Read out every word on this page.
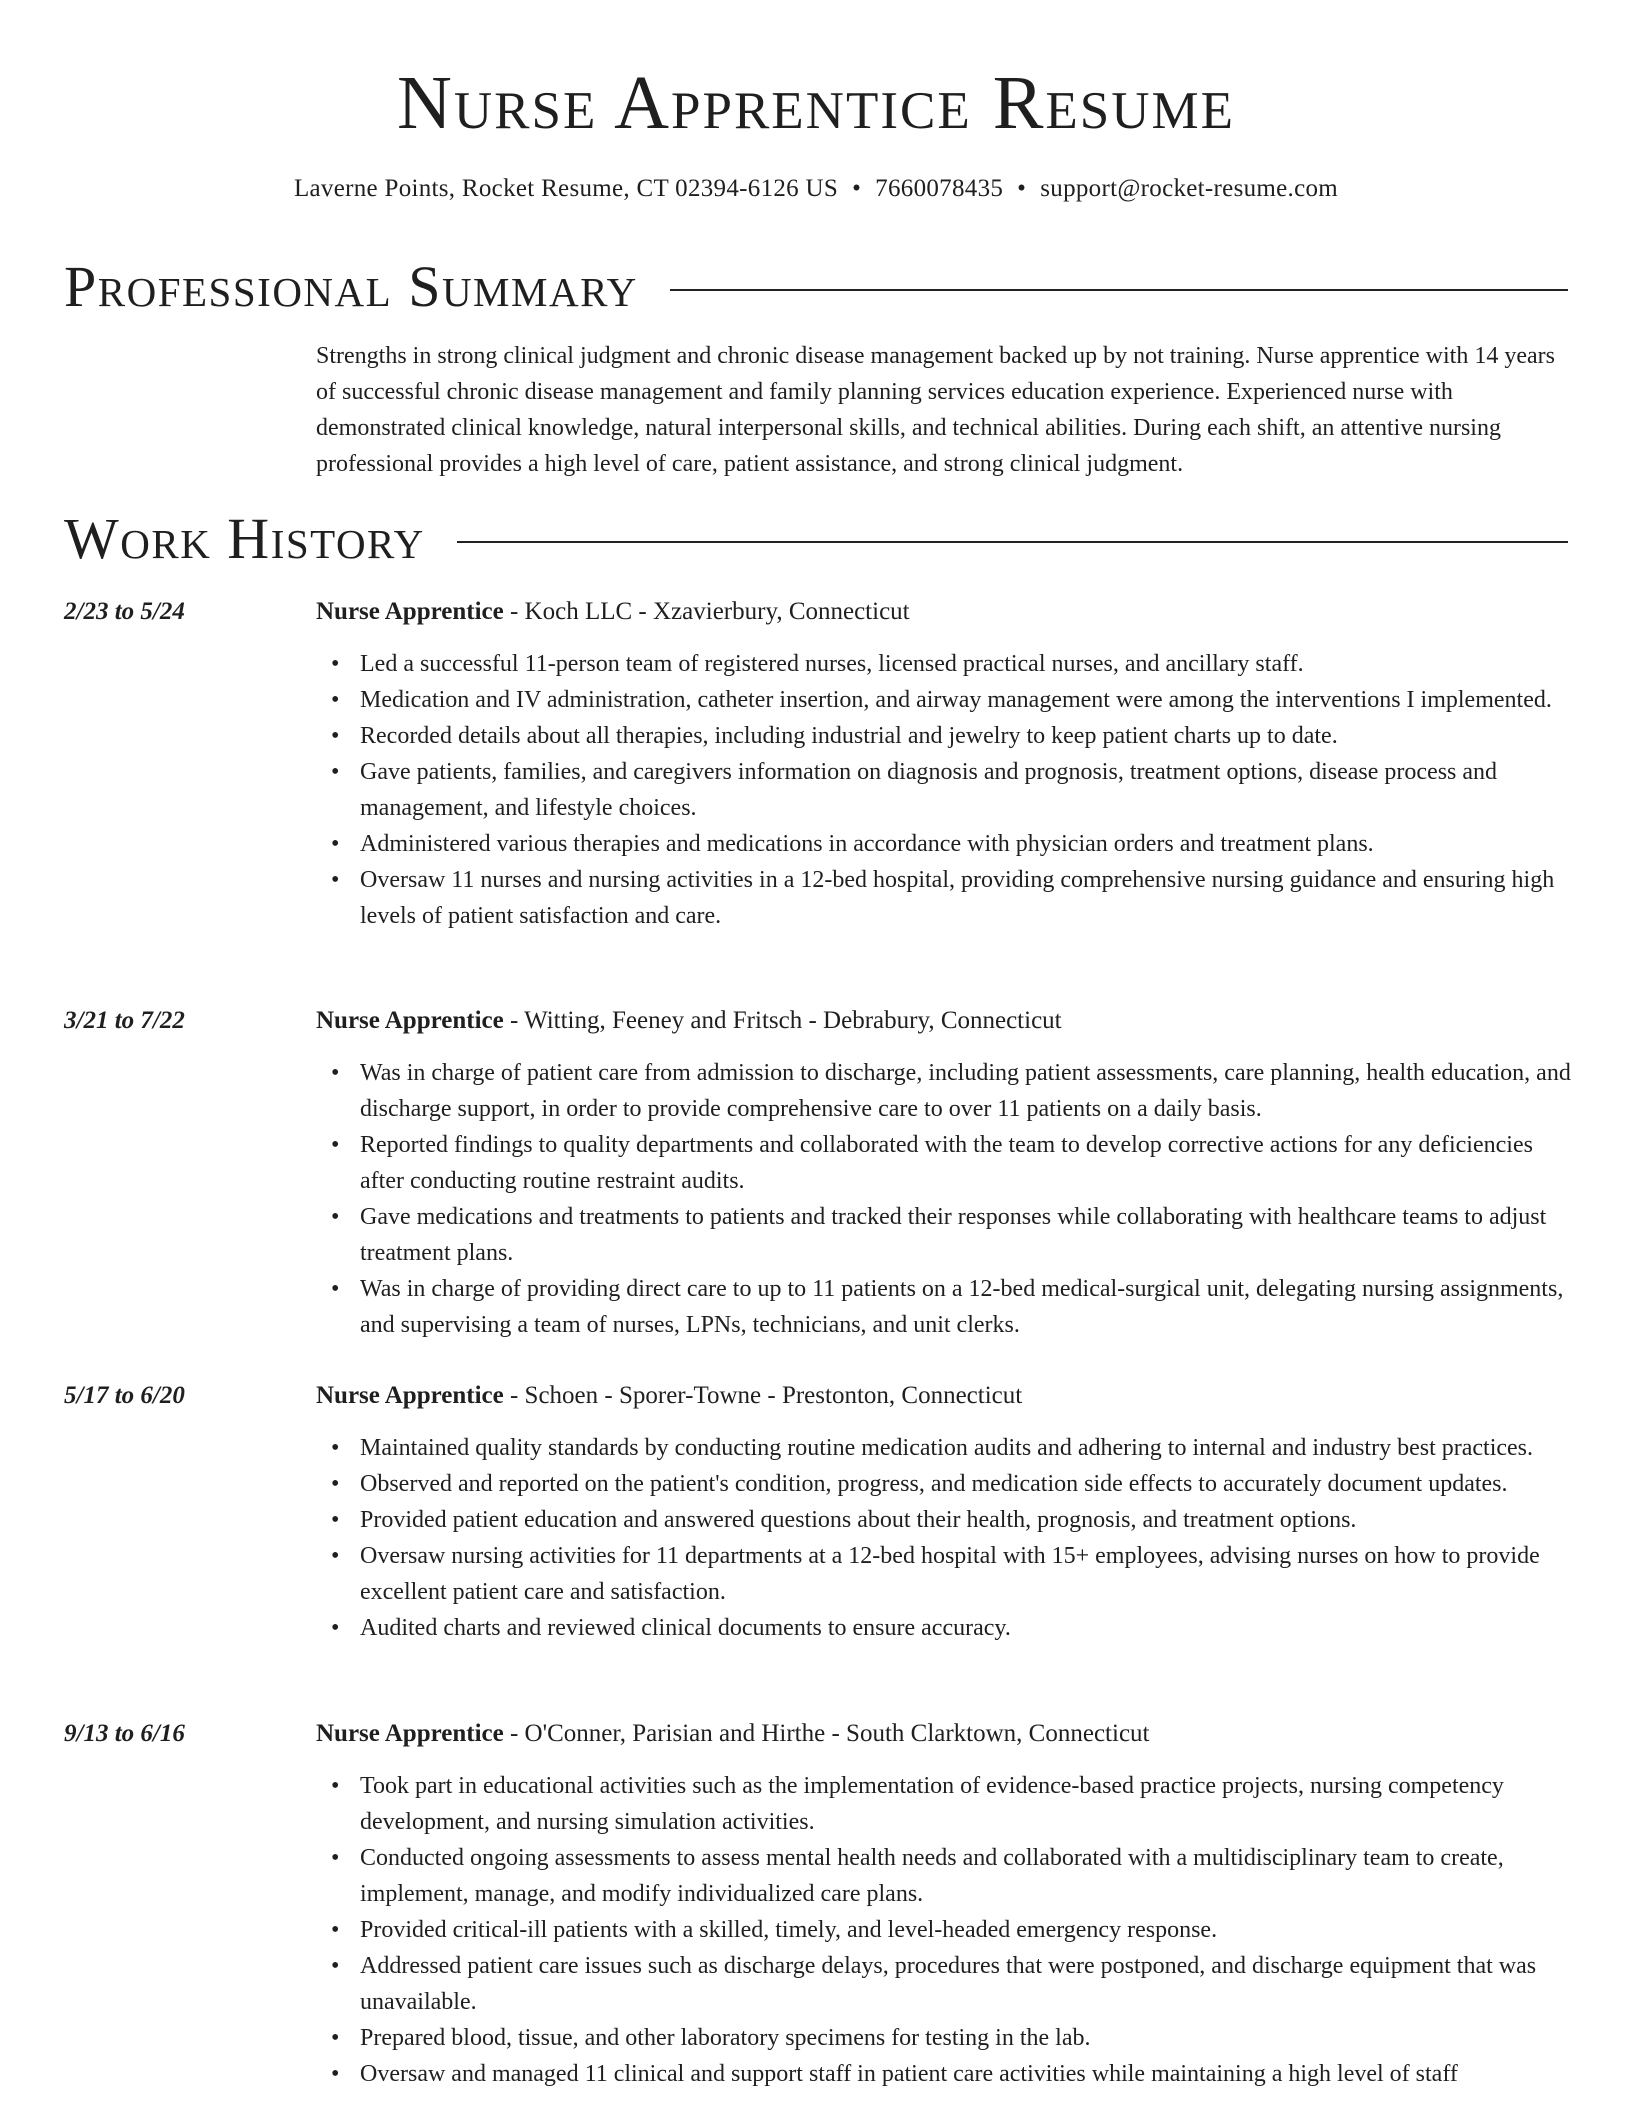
Nurse Apprentice Resume
Laverne Points, Rocket Resume, CT 02394-6126 US • 7660078435 • support@rocket-resume.com
Professional Summary

Strengths in strong clinical judgment and chronic disease management backed up by not training. Nurse apprentice with 14 years of successful chronic disease management and family planning services education experience. Experienced nurse with demonstrated clinical knowledge, natural interpersonal skills, and technical abilities. During each shift, an attentive nursing professional provides a high level of care, patient assistance, and strong clinical judgment.

Work History
2/23 to 5/24	Nurse Apprentice - Koch LLC - Xzavierbury, Connecticut
• Led a successful 11-person team of registered nurses, licensed practical nurses, and ancillary staff.
• Medication and IV administration, catheter insertion, and airway management were among the interventions I implemented.
• Recorded details about all therapies, including industrial and jewelry to keep patient charts up to date.
• Gave patients, families, and caregivers information on diagnosis and prognosis, treatment options, disease process and management, and lifestyle choices.
• Administered various therapies and medications in accordance with physician orders and treatment plans.
• Oversaw 11 nurses and nursing activities in a 12-bed hospital, providing comprehensive nursing guidance and ensuring high levels of patient satisfaction and care.
3/21 to 7/22	Nurse Apprentice - Witting, Feeney and Fritsch - Debrabury, Connecticut
• Was in charge of patient care from admission to discharge, including patient assessments, care planning, health education, and discharge support, in order to provide comprehensive care to over 11 patients on a daily basis.
• Reported findings to quality departments and collaborated with the team to develop corrective actions for any deficiencies after conducting routine restraint audits.
• Gave medications and treatments to patients and tracked their responses while collaborating with healthcare teams to adjust treatment plans.
• Was in charge of providing direct care to up to 11 patients on a 12-bed medical-surgical unit, delegating nursing assignments, and supervising a team of nurses, LPNs, technicians, and unit clerks.
5/17 to 6/20	Nurse Apprentice - Schoen - Sporer-Towne - Prestonton, Connecticut
• Maintained quality standards by conducting routine medication audits and adhering to internal and industry best practices.
• Observed and reported on the patient's condition, progress, and medication side effects to accurately document updates.
• Provided patient education and answered questions about their health, prognosis, and treatment options.
• Oversaw nursing activities for 11 departments at a 12-bed hospital with 15+ employees, advising nurses on how to provide excellent patient care and satisfaction.
• Audited charts and reviewed clinical documents to ensure accuracy.
9/13 to 6/16	Nurse Apprentice - O'Conner, Parisian and Hirthe - South Clarktown, Connecticut
• Took part in educational activities such as the implementation of evidence-based practice projects, nursing competency development, and nursing simulation activities.
• Conducted ongoing assessments to assess mental health needs and collaborated with a multidisciplinary team to create, implement, manage, and modify individualized care plans.
• Provided critical-ill patients with a skilled, timely, and level-headed emergency response.
• Addressed patient care issues such as discharge delays, procedures that were postponed, and discharge equipment that was unavailable.
• Prepared blood, tissue, and other laboratory specimens for testing in the lab.
• Oversaw and managed 11 clinical and support staff in patient care activities while maintaining a high level of staff
